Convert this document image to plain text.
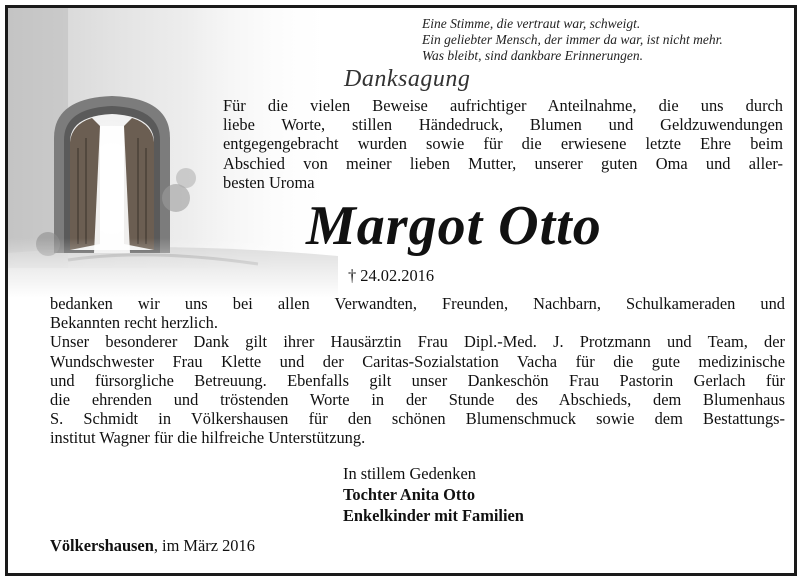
Eine Stimme, die vertraut war, schweigt.
Ein geliebter Mensch, der immer da war, ist nicht mehr.
Was bleibt, sind dankbare Erinnerungen.
Danksagung
Für die vielen Beweise aufrichtiger Anteilnahme, die uns durch
liebe Worte, stillen Händedruck, Blumen und Geldzuwendungen
entgegengebracht wurden sowie für die erwiesene letzte Ehre beim
Abschied von meiner lieben Mutter, unserer guten Oma und aller-
besten Uroma
Margot Otto
† 24.02.2016
bedanken wir uns bei allen Verwandten, Freunden, Nachbarn, Schulkameraden und
Bekannten recht herzlich.
Unser besonderer Dank gilt ihrer Hausärztin Frau Dipl.-Med. J. Protzmann und Team, der
Wundschwester Frau Klette und der Caritas-Sozialstation Vacha für die gute medizinische
und fürsorgliche Betreuung. Ebenfalls gilt unser Dankeschön Frau Pastorin Gerlach für
die ehrenden und tröstenden Worte in der Stunde des Abschieds, dem Blumenhaus
S. Schmidt in Völkershausen für den schönen Blumenschmuck sowie dem Bestattungs-
institut Wagner für die hilfreiche Unterstützung.
In stillem Gedenken
Tochter Anita Otto
Enkelkinder mit Familien
Völkershausen, im März 2016
